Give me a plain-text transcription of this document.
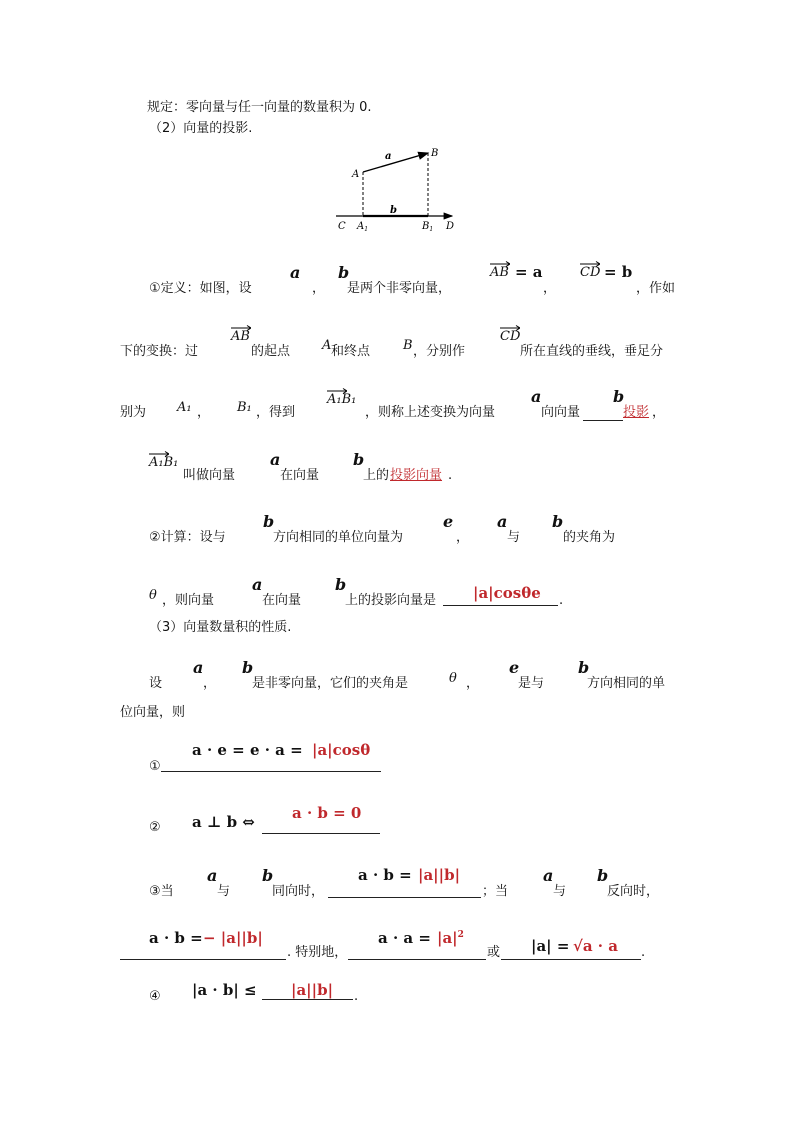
规定：零向量与任一向量的数量积为 0.
（2）向量的投影.
a
b
A
B
C $A_1$	$B_1$ D
a b
①定义：如图，设	， 是两个非零向量，
AB = a
，
CD = b
，作如
下的变换：过
AB
的起点 A 和终点	B ，分别作
CD
所在直线的垂线，垂足分
别为 A₁ ， B₁ ，得到
A₁B₁
，则称上述变换为向量
a
向向量
b
投影 ，
A₁B₁
叫做向量
a
在向量
b
上的 投影向量 .
②计算：设与
b
方向相同的单位向量为
e
，
a
与
b
的夹角为
θ ，则向量
a
在向量
b
上的投影向量是 |a|cosθe .
（3）向量数量积的性质.
设
a
，
b
是非零向量，它们的夹角是	θ ，
e
是与
b
方向相同的单
位向量，则
①
a · e = e · a = |a|cosθ
② a ⊥ b ⇔ a · b = 0
③当
a
与
b
同向时，
a · b = |a||b|
；当
a
与
b
反向时，
a · b = − |a||b|
. 特别地，
$a \cdot a = |a|^2$
或 |a| = √a · a .
④ |a · b| ≤ |a||b| .
